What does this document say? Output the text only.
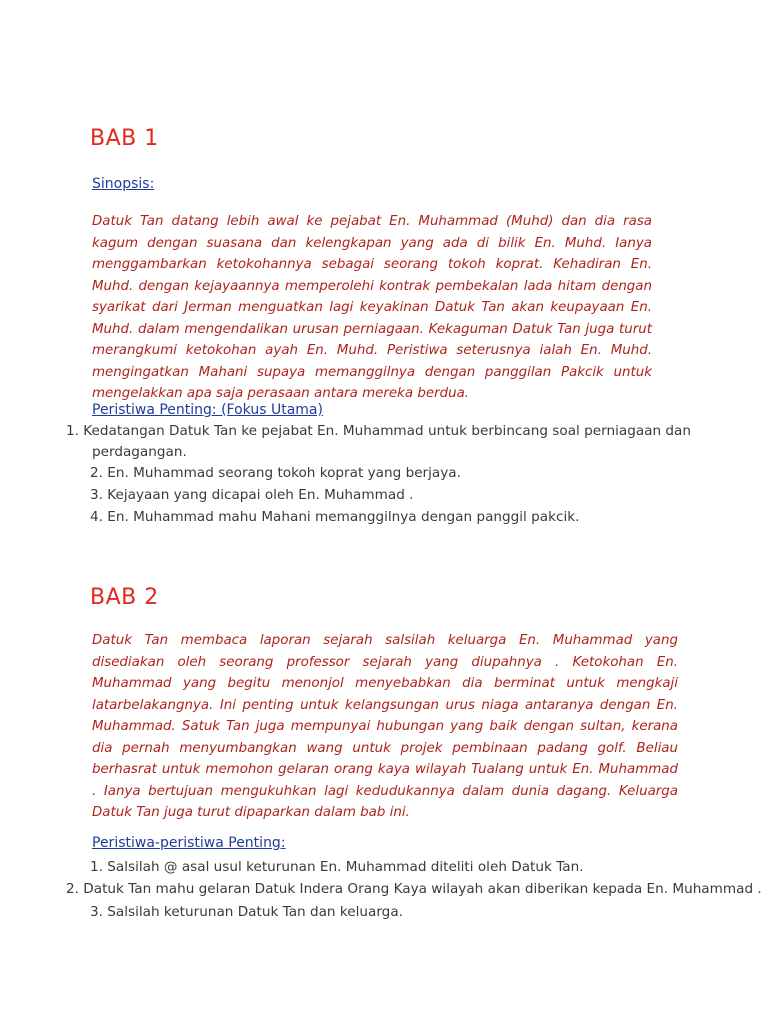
BAB 1
Sinopsis:
Datuk Tan datang lebih awal ke pejabat En. Muhammad (Muhd) dan dia rasa kagum dengan suasana dan kelengkapan yang ada di bilik En. Muhd. Ianya menggambarkan ketokohannya sebagai seorang tokoh koprat. Kehadiran En. Muhd. dengan kejayaannya memperolehi kontrak pembekalan lada hitam dengan syarikat dari Jerman menguatkan lagi keyakinan Datuk Tan akan keupayaan En. Muhd. dalam mengendalikan urusan perniagaan. Kekaguman Datuk Tan juga turut merangkumi ketokohan ayah En. Muhd. Peristiwa seterusnya ialah En. Muhd. mengingatkan Mahani supaya memanggilnya dengan panggilan Pakcik untuk mengelakkan apa saja perasaan antara mereka berdua.
Peristiwa Penting: (Fokus Utama)
1. Kedatangan Datuk Tan ke pejabat En. Muhammad untuk berbincang soal perniagaan dan
perdagangan.
2. En. Muhammad seorang tokoh koprat yang berjaya.
3. Kejayaan yang dicapai oleh En. Muhammad .
4. En. Muhammad mahu Mahani memanggilnya dengan panggil pakcik.
BAB 2
Datuk Tan membaca laporan sejarah salsilah keluarga En. Muhammad yang disediakan oleh seorang professor sejarah yang diupahnya . Ketokohan En. Muhammad yang begitu menonjol menyebabkan dia berminat untuk mengkaji latarbelakangnya. Ini penting untuk kelangsungan urus niaga antaranya dengan En. Muhammad. Satuk Tan juga mempunyai hubungan yang baik dengan sultan, kerana dia pernah menyumbangkan wang untuk projek pembinaan padang golf. Beliau berhasrat untuk memohon gelaran orang kaya wilayah Tualang untuk En. Muhammad . Ianya bertujuan mengukuhkan lagi kedudukannya dalam dunia dagang. Keluarga Datuk Tan juga turut dipaparkan dalam bab ini.
Peristiwa-peristiwa Penting:
1. Salsilah @ asal usul keturunan En. Muhammad diteliti oleh Datuk Tan.
2. Datuk Tan mahu gelaran Datuk Indera Orang Kaya wilayah akan diberikan kepada En. Muhammad .
3. Salsilah keturunan Datuk Tan dan keluarga.
